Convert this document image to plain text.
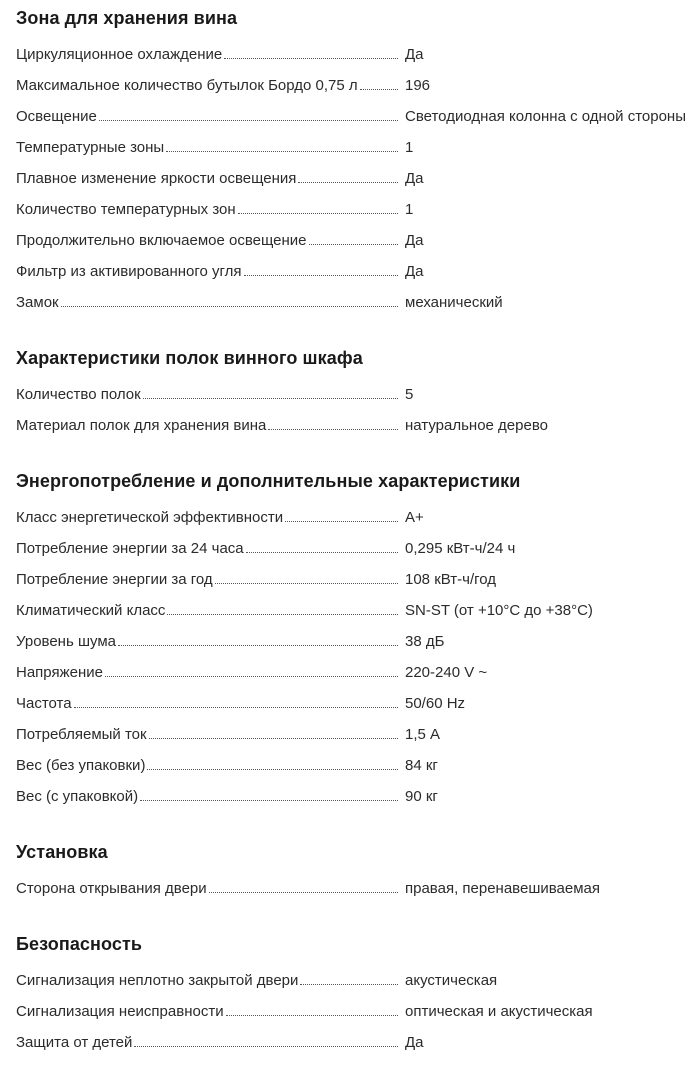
Зона для хранения вина
Циркуляционное охлаждение	Да
Максимальное количество бутылок Бордо 0,75 л	196
Освещение	Светодиодная колонна с одной стороны
Температурные зоны	1
Плавное изменение яркости освещения	Да
Количество температурных зон	1
Продолжительно включаемое освещение	Да
Фильтр из активированного угля	Да
Замок	механический
Характеристики полок винного шкафа
Количество полок	5
Материал полок для хранения вина	натуральное дерево
Энергопотребление и дополнительные характеристики
Класс энергетической эффективности	A+
Потребление энергии за 24 часа	0,295 кВт-ч/24 ч
Потребление энергии за год	108 кВт-ч/год
Климатический класс	SN-ST (от +10°C до +38°C)
Уровень шума	38 дБ
Напряжение	220-240 V ~
Частота	50/60 Hz
Потребляемый ток	1,5 А
Вес (без упаковки)	84 кг
Вес (с упаковкой)	90 кг
Установка
Сторона открывания двери	правая, перенавешиваемая
Безопасность
Сигнализация неплотно закрытой двери	акустическая
Сигнализация неисправности	оптическая и акустическая
Защита от детей	Да
